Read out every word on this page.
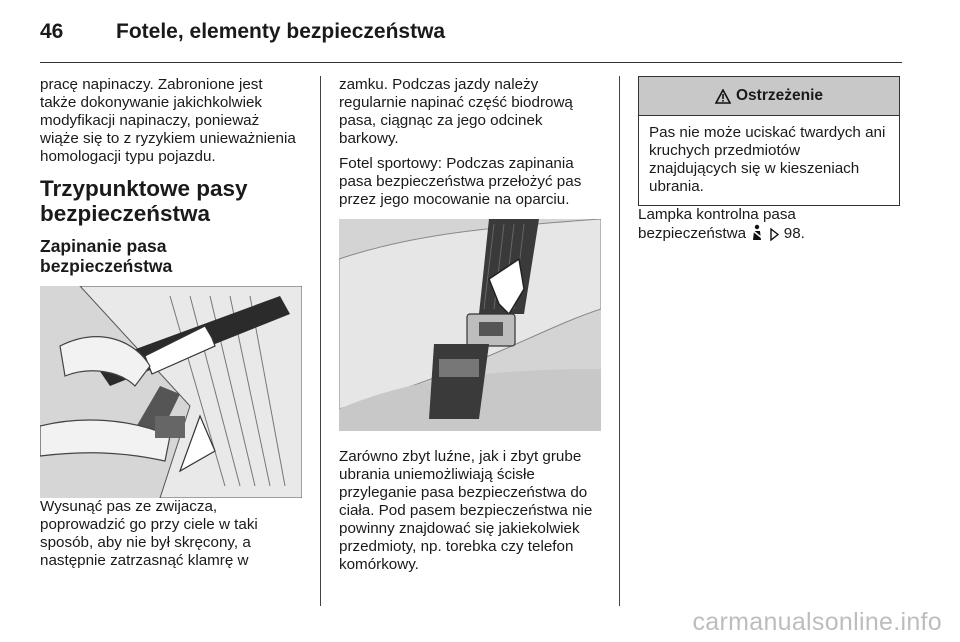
46	Fotele, elementy bezpieczeństwa

pracę napinaczy. Zabronione jest także dokonywanie jakichkolwiek modyfikacji napinaczy, ponieważ wiąże się to z ryzykiem unieważnienia homologacji typu pojazdu.

Trzypunktowe pasy bezpieczeństwa
Zapinanie pasa bezpieczeństwa

Wysunąć pas ze zwijacza, poprowadzić go przy ciele w taki sposób, aby nie był skręcony, a następnie zatrzasnąć klamrę w

zamku. Podczas jazdy należy regularnie napinać część biodrową pasa, ciągnąc za jego odcinek barkowy.

Fotel sportowy: Podczas zapinania pasa bezpieczeństwa przełożyć pas przez jego mocowanie na oparciu.

Zarówno zbyt luźne, jak i zbyt grube ubrania uniemożliwiają ścisłe przyleganie pasa bezpieczeństwa do ciała. Pod pasem bezpieczeństwa nie powinny znajdować się jakiekolwiek przedmioty, np. torebka czy telefon komórkowy.

Ostrzeżenie

Pas nie może uciskać twardych ani kruchych przedmiotów znajdujących się w kieszeniach ubrania.

Lampka kontrolna pasa bezpieczeństwa 98.

carmanualsonline.info
